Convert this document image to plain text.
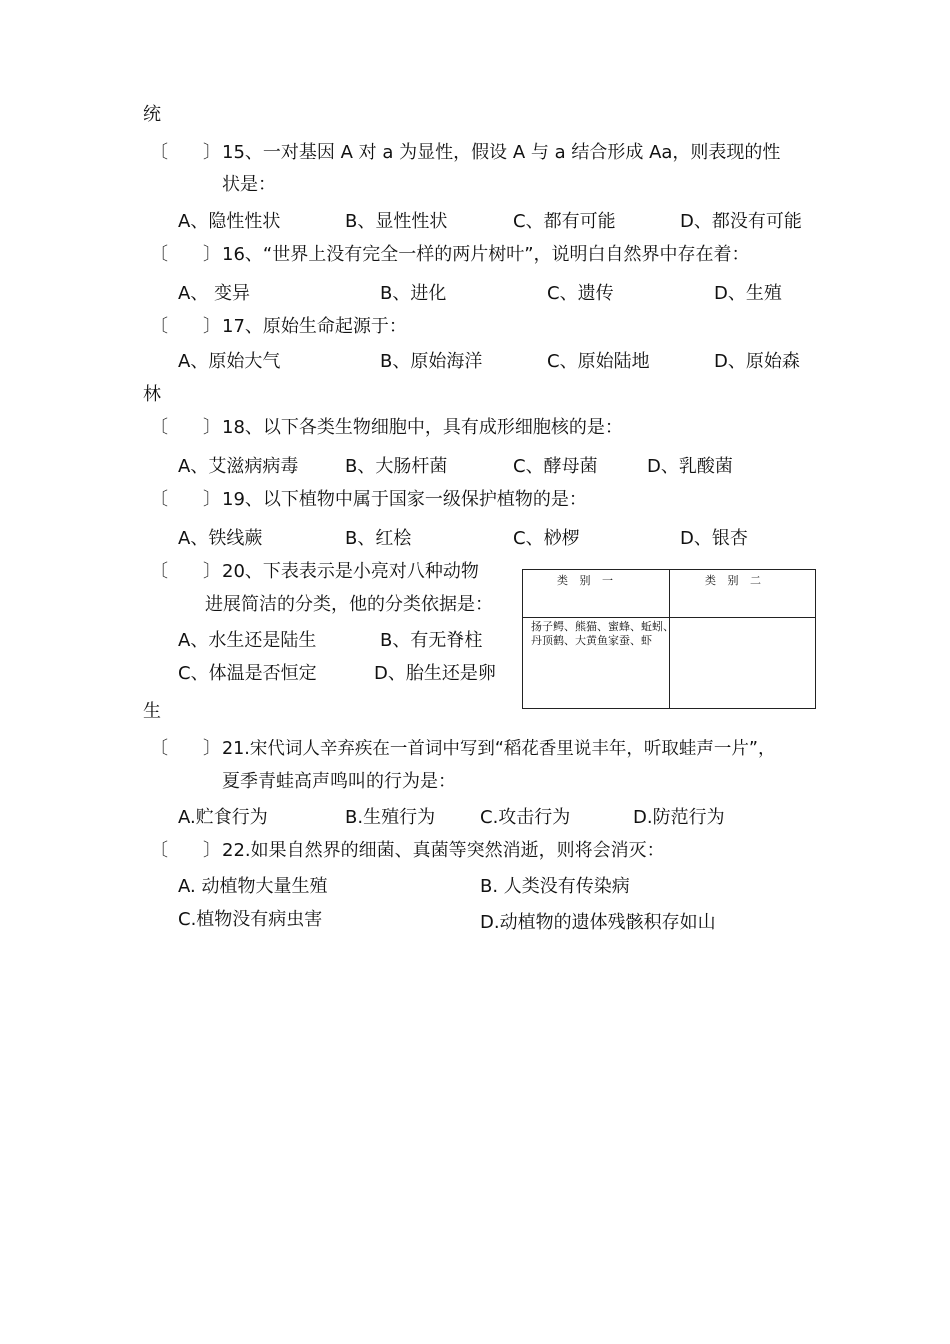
统
〔 〕 15、一对基因 A 对 a 为显性，假设 A 与 a 结合形成 Aa，则表现的性
状是：
A、隐性性状	B、显性性状	C、都有可能	D、都没有可能
〔 〕 16、“世界上没有完全一样的两片树叶”，说明白自然界中存在着：
A、 变异	B、进化	C、遗传	D、生殖
〔 〕 17、原始生命起源于：
A、原始大气	B、原始海洋	C、原始陆地	D、原始森
林
〔 〕 18、以下各类生物细胞中，具有成形细胞核的是：
A、艾滋病病毒	B、大肠杆菌	C、酵母菌	D、乳酸菌
〔 〕 19、以下植物中属于国家一级保护植物的是：
A、铁线蕨	B、红桧	C、桫椤	D、银杏
〔 〕 20、下表表示是小亮对八种动物
进展简洁的分类，他的分类依据是：
A、水生还是陆生	B、有无脊柱
C、体温是否恒定	D、胎生还是卵
生
类 别 一	类 别 二
扬子鳄、熊猫、蜜蜂、蚯蚓、丹顶鹤、大黄鱼家蚕、虾
〔 〕 21.宋代词人辛弃疾在一首词中写到“稻花香里说丰年，听取蛙声一片”，
夏季青蛙高声鸣叫的行为是：
A.贮食行为	B.生殖行为 C.攻击行为	D.防范行为
〔 〕 22.如果自然界的细菌、真菌等突然消逝，则将会消灭：
A. 动植物大量生殖	B. 人类没有传染病
C.植物没有病虫害	D.动植物的遗体残骸积存如山
